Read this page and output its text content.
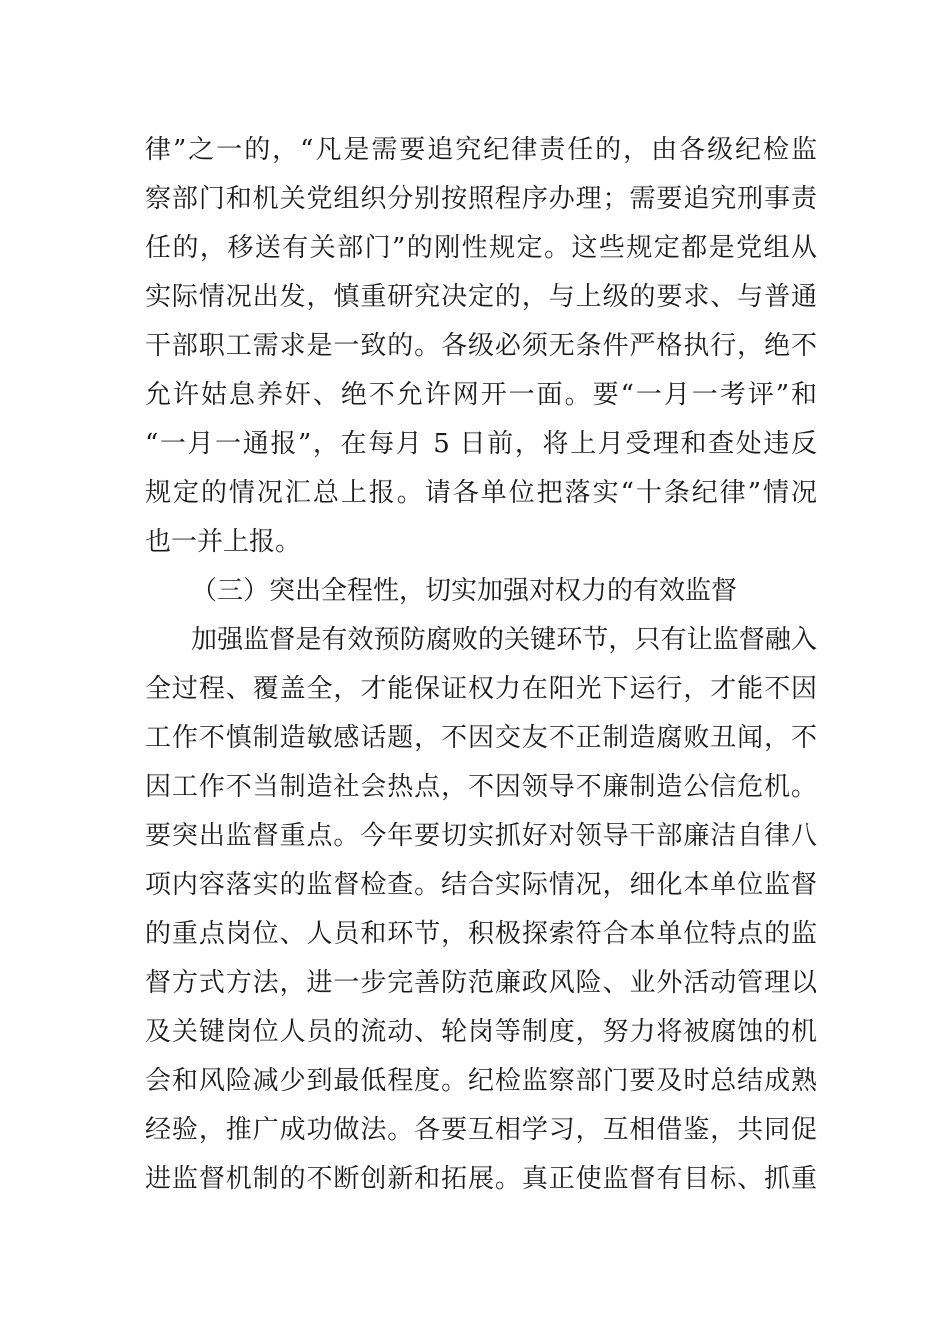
律”之一的，“凡是需要追究纪律责任的，由各级纪检监
察部门和机关党组织分别按照程序办理；需要追究刑事责
任的，移送有关部门”的刚性规定。这些规定都是党组从
实际情况出发，慎重研究决定的，与上级的要求、与普通
干部职工需求是一致的。各级必须无条件严格执行，绝不
允许姑息养奸、绝不允许网开一面。要“一月一考评”和
“一月一通报”，在每月 5 日前，将上月受理和查处违反
规定的情况汇总上报。请各单位把落实“十条纪律”情况
也一并上报。
（三）突出全程性，切实加强对权力的有效监督
加强监督是有效预防腐败的关键环节，只有让监督融入
全过程、覆盖全，才能保证权力在阳光下运行，才能不因
工作不慎制造敏感话题，不因交友不正制造腐败丑闻，不
因工作不当制造社会热点，不因领导不廉制造公信危机。
要突出监督重点。今年要切实抓好对领导干部廉洁自律八
项内容落实的监督检查。结合实际情况，细化本单位监督
的重点岗位、人员和环节，积极探索符合本单位特点的监
督方式方法，进一步完善防范廉政风险、业外活动管理以
及关键岗位人员的流动、轮岗等制度，努力将被腐蚀的机
会和风险减少到最低程度。纪检监察部门要及时总结成熟
经验，推广成功做法。各要互相学习，互相借鉴，共同促
进监督机制的不断创新和拓展。真正使监督有目标、抓重
